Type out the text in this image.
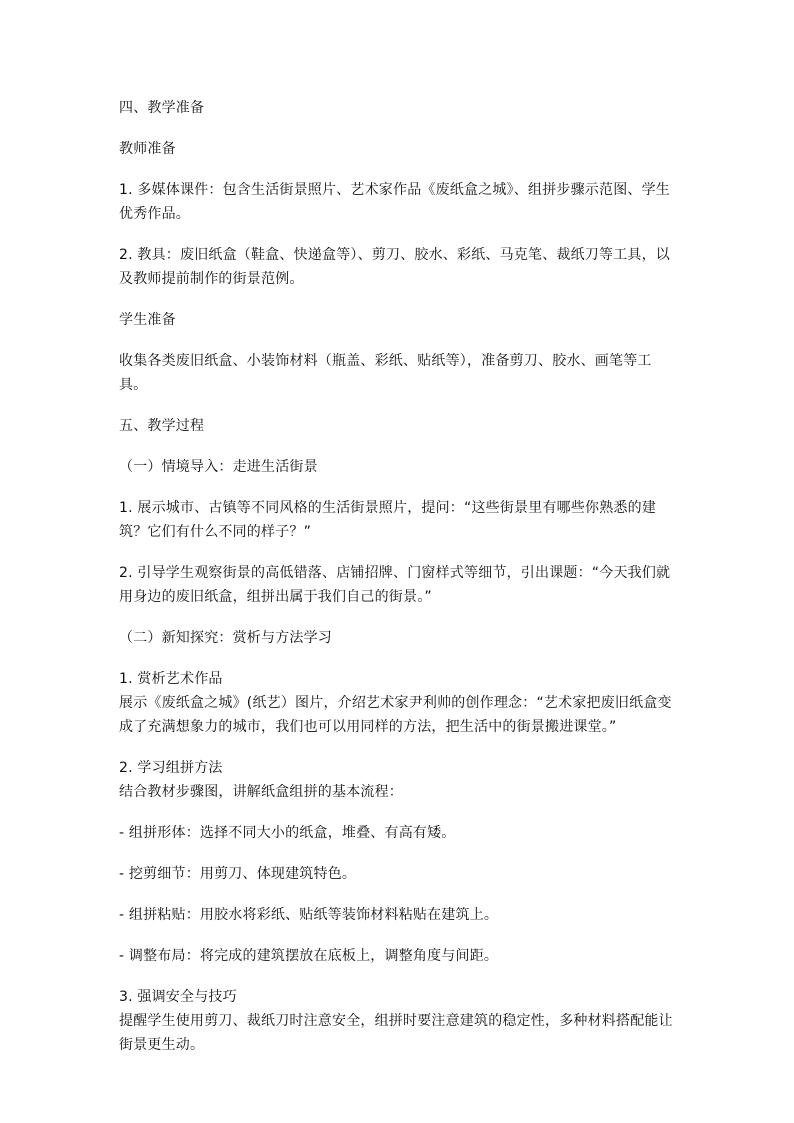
四、教学准备

教师准备

1. 多媒体课件：包含生活街景照片、艺术家作品《废纸盒之城》、组拼步骤示范图、学生优秀作品。

2. 教具：废旧纸盒（鞋盒、快递盒等）、剪刀、胶水、彩纸、马克笔、裁纸刀等工具，以及教师提前制作的街景范例。

学生准备

收集各类废旧纸盒、小装饰材料（瓶盖、彩纸、贴纸等），准备剪刀、胶水、画笔等工具。

五、教学过程

（一）情境导入：走进生活街景

1. 展示城市、古镇等不同风格的生活街景照片，提问：“这些街景里有哪些你熟悉的建筑？它们有什么不同的样子？”

2. 引导学生观察街景的高低错落、店铺招牌、门窗样式等细节，引出课题：“今天我们就用身边的废旧纸盒，组拼出属于我们自己的街景。”

（二）新知探究：赏析与方法学习

1. 赏析艺术作品

展示《废纸盒之城》(纸艺）图片，介绍艺术家尹利帅的创作理念：“艺术家把废旧纸盒变成了充满想象力的城市，我们也可以用同样的方法，把生活中的街景搬进课堂。”

2. 学习组拼方法

结合教材步骤图，讲解纸盒组拼的基本流程：

- 组拼形体：选择不同大小的纸盒，堆叠、有高有矮。

- 挖剪细节：用剪刀、体现建筑特色。

- 组拼粘贴：用胶水将彩纸、贴纸等装饰材料粘贴在建筑上。

- 调整布局：将完成的建筑摆放在底板上，调整角度与间距。

3. 强调安全与技巧

提醒学生使用剪刀、裁纸刀时注意安全，组拼时要注意建筑的稳定性，多种材料搭配能让街景更生动。
